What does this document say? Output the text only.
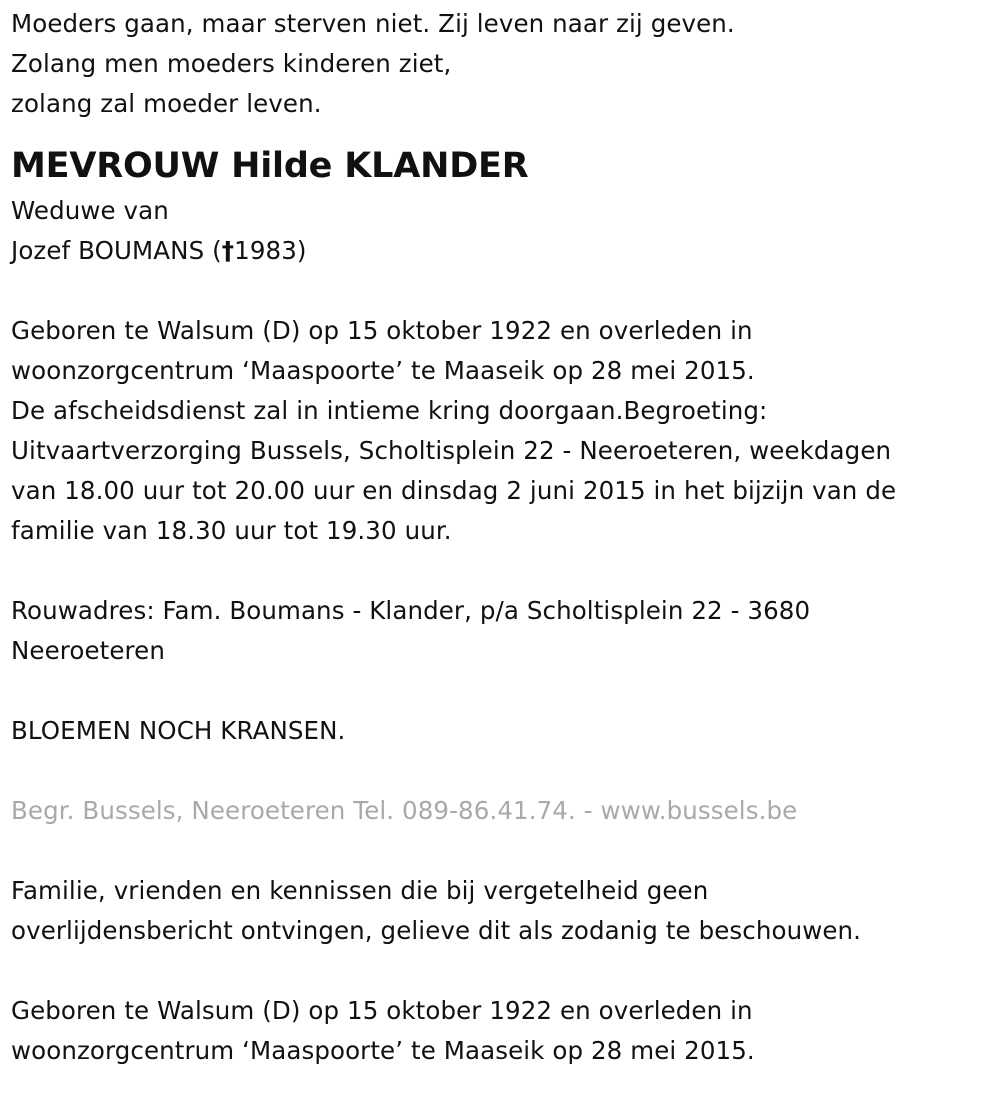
Moeders gaan, maar sterven niet. Zij leven naar zij geven.
Zolang men moeders kinderen ziet,
zolang zal moeder leven.
MEVROUW Hilde KLANDER
Weduwe van
Jozef BOUMANS (†1983)
Geboren te Walsum (D) op 15 oktober 1922 en overleden in
woonzorgcentrum ‘Maaspoorte’ te Maaseik op 28 mei 2015.
De afscheidsdienst zal in intieme kring doorgaan.Begroeting:
Uitvaartverzorging Bussels, Scholtisplein 22 - Neeroeteren, weekdagen
van 18.00 uur tot 20.00 uur en dinsdag 2 juni 2015 in het bijzijn van de
familie van 18.30 uur tot 19.30 uur.
Rouwadres: Fam. Boumans - Klander, p/a Scholtisplein 22 - 3680
Neeroeteren
BLOEMEN NOCH KRANSEN.
Begr. Bussels, Neeroeteren Tel. 089-86.41.74. - www.bussels.be
Familie, vrienden en kennissen die bij vergetelheid geen
overlijdensbericht ontvingen, gelieve dit als zodanig te beschouwen.
Geboren te Walsum (D) op 15 oktober 1922 en overleden in
woonzorgcentrum ‘Maaspoorte’ te Maaseik op 28 mei 2015.
